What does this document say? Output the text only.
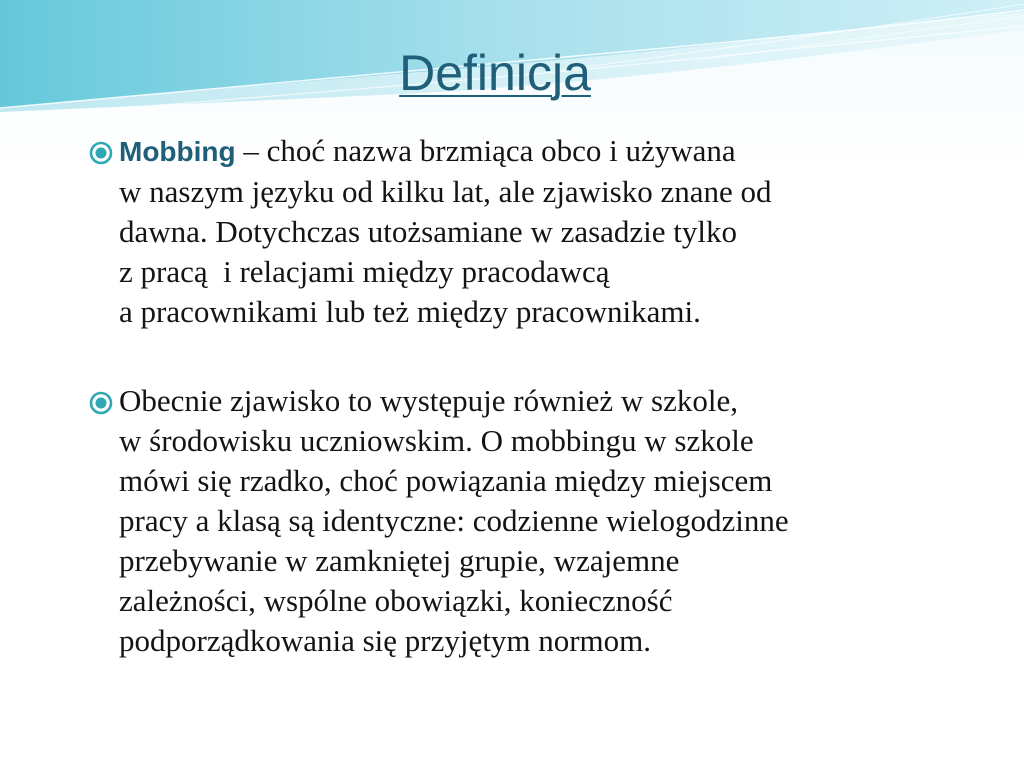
Definicja
Mobbing – choć nazwa brzmiąca obco i używana
w naszym języku od kilku lat, ale zjawisko znane od
dawna. Dotychczas utożsamiane w zasadzie tylko
z pracą  i relacjami między pracodawcą
a pracownikami lub też między pracownikami.
Obecnie zjawisko to występuje również w szkole,
w środowisku uczniowskim. O mobbingu w szkole
mówi się rzadko, choć powiązania między miejscem
pracy a klasą są identyczne: codzienne wielogodzinne
przebywanie w zamkniętej grupie, wzajemne
zależności, wspólne obowiązki, konieczność
podporządkowania się przyjętym normom.
